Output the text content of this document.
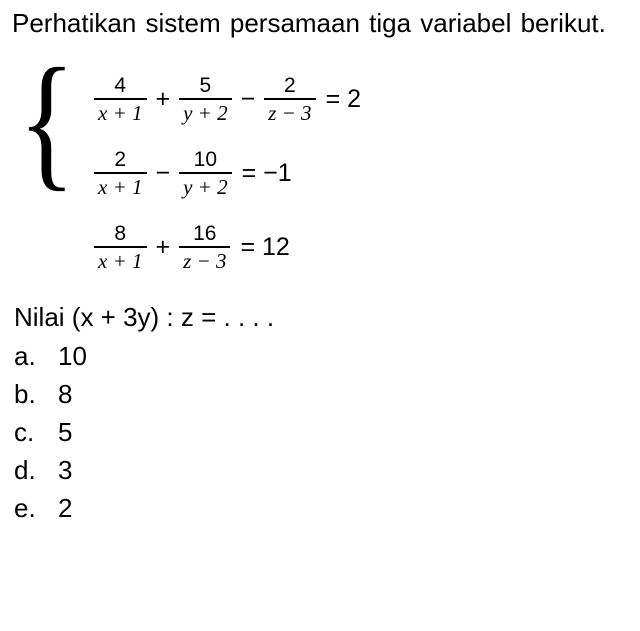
Perhatikan sistem persamaan tiga variabel berikut.
{ $\frac{4}{x + 1} + \frac{5}{y + 2} - \frac{2}{z - 3} = 2$
$\frac{2}{x + 1} - \frac{10}{y + 2} = -1$
$\frac{8}{x + 1} + \frac{16}{z - 3} = 12$
Nilai (x + 3y) : z = . . . .
a. 10
b. 8
c. 5
d. 3
e. 2
